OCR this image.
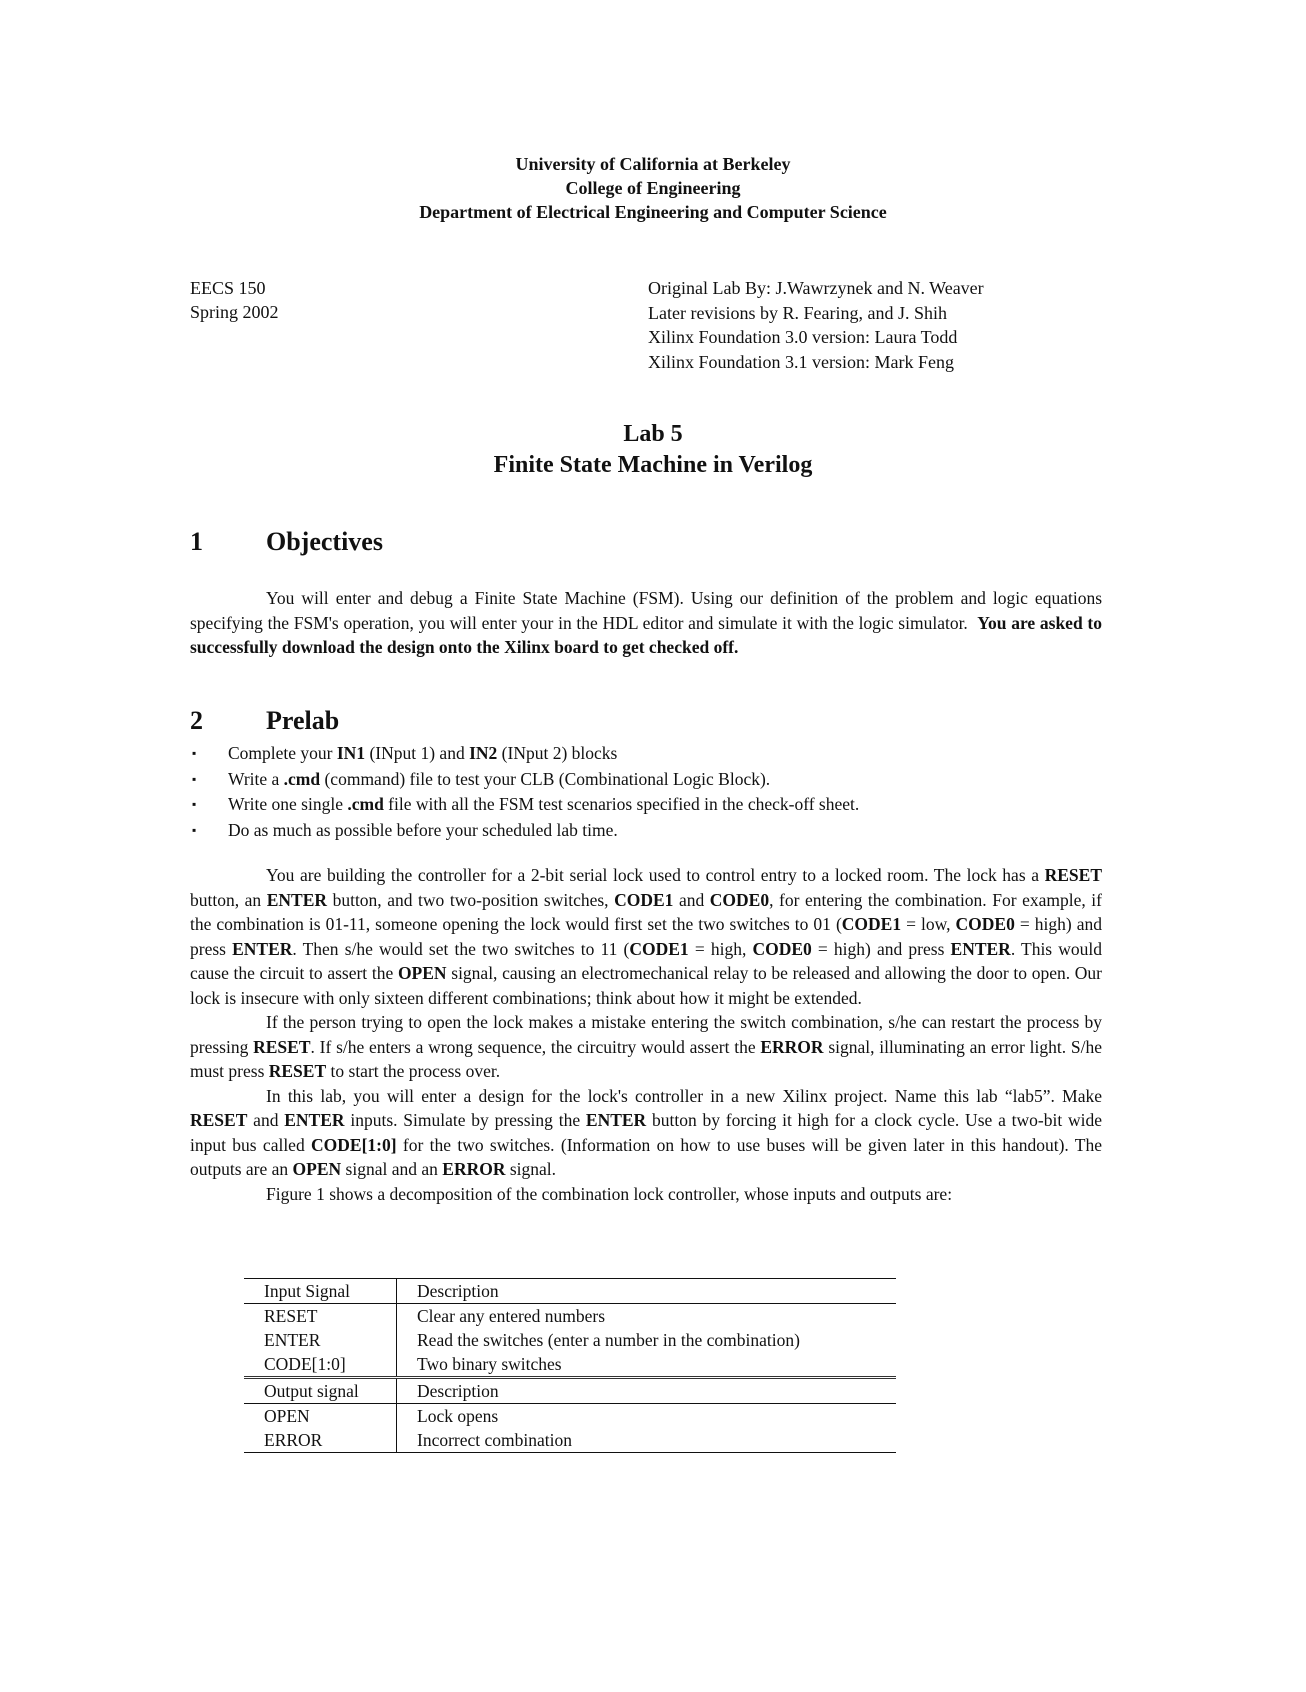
University of California at Berkeley
College of Engineering
Department of Electrical Engineering and Computer Science
EECS 150
Spring 2002
Original Lab By: J.Wawrzynek and N. Weaver
Later revisions by R. Fearing, and J. Shih
Xilinx Foundation 3.0 version: Laura Todd
Xilinx Foundation 3.1 version: Mark Feng
Lab 5
Finite State Machine in Verilog
1 Objectives

You will enter and debug a Finite State Machine (FSM). Using our definition of the problem and logic equations specifying the FSM's operation, you will enter your in the HDL editor and simulate it with the logic simulator. You are asked to successfully download the design onto the Xilinx board to get checked off.

2 Prelab
▪ Complete your IN1 (INput 1) and IN2 (INput 2) blocks
▪ Write a .cmd (command) file to test your CLB (Combinational Logic Block).
▪ Write one single .cmd file with all the FSM test scenarios specified in the check-off sheet.
▪ Do as much as possible before your scheduled lab time.

You are building the controller for a 2-bit serial lock used to control entry to a locked room. The lock has a RESET button, an ENTER button, and two two-position switches, CODE1 and CODE0, for entering the combination. For example, if the combination is 01-11, someone opening the lock would first set the two switches to 01 (CODE1 = low, CODE0 = high) and press ENTER. Then s/he would set the two switches to 11 (CODE1 = high, CODE0 = high) and press ENTER. This would cause the circuit to assert the OPEN signal, causing an electromechanical relay to be released and allowing the door to open. Our lock is insecure with only sixteen different combinations; think about how it might be extended.

If the person trying to open the lock makes a mistake entering the switch combination, s/he can restart the process by pressing RESET. If s/he enters a wrong sequence, the circuitry would assert the ERROR signal, illuminating an error light. S/he must press RESET to start the process over.

In this lab, you will enter a design for the lock's controller in a new Xilinx project. Name this lab “lab5”. Make RESET and ENTER inputs. Simulate by pressing the ENTER button by forcing it high for a clock cycle. Use a two-bit wide input bus called CODE[1:0] for the two switches. (Information on how to use buses will be given later in this handout). The outputs are an OPEN signal and an ERROR signal.

Figure 1 shows a decomposition of the combination lock controller, whose inputs and outputs are:

Input Signal	Description
RESET	Clear any entered numbers
ENTER	Read the switches (enter a number in the combination)
CODE[1:0]	Two binary switches
Output signal	Description
OPEN	Lock opens
ERROR	Incorrect combination
